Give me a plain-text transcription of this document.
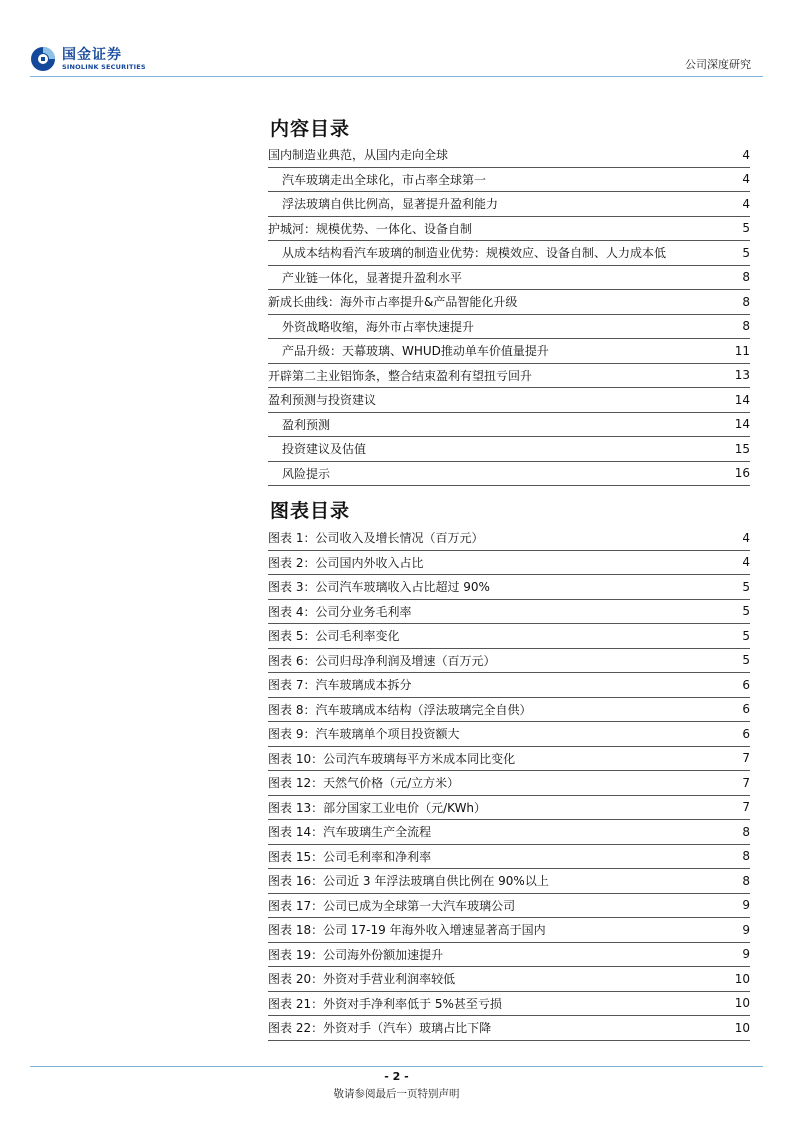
国金证券
SINOLINK SECURITIES	公司深度研究
内容目录
国内制造业典范，从国内走向全球	4
汽车玻璃走出全球化，市占率全球第一	4
浮法玻璃自供比例高，显著提升盈利能力	4
护城河：规模优势、一体化、设备自制	5
从成本结构看汽车玻璃的制造业优势：规模效应、设备自制、人力成本低	5
产业链一体化，显著提升盈利水平	8
新成长曲线：海外市占率提升&产品智能化升级	8
外资战略收缩，海外市占率快速提升	8
产品升级：天幕玻璃、WHUD推动单车价值量提升	11
开辟第二主业铝饰条，整合结束盈利有望扭亏回升	13
盈利预测与投资建议	14
盈利预测	14
投资建议及估值	15
风险提示	16
图表目录
图表 1：公司收入及增长情况（百万元）	4
图表 2：公司国内外收入占比	4
图表 3：公司汽车玻璃收入占比超过 90%	5
图表 4：公司分业务毛利率	5
图表 5：公司毛利率变化	5
图表 6：公司归母净利润及增速（百万元）	5
图表 7：汽车玻璃成本拆分	6
图表 8：汽车玻璃成本结构（浮法玻璃完全自供）	6
图表 9：汽车玻璃单个项目投资额大	6
图表 10：公司汽车玻璃每平方米成本同比变化	7
图表 12：天然气价格（元/立方米）	7
图表 13：部分国家工业电价（元/KWh）	7
图表 14：汽车玻璃生产全流程	8
图表 15：公司毛利率和净利率	8
图表 16：公司近 3 年浮法玻璃自供比例在 90%以上	8
图表 17：公司已成为全球第一大汽车玻璃公司	9
图表 18：公司 17-19 年海外收入增速显著高于国内	9
图表 19：公司海外份额加速提升	9
图表 20：外资对手营业利润率较低	10
图表 21：外资对手净利率低于 5%甚至亏损	10
图表 22：外资对手（汽车）玻璃占比下降	10
- 2 -
敬请参阅最后一页特别声明
